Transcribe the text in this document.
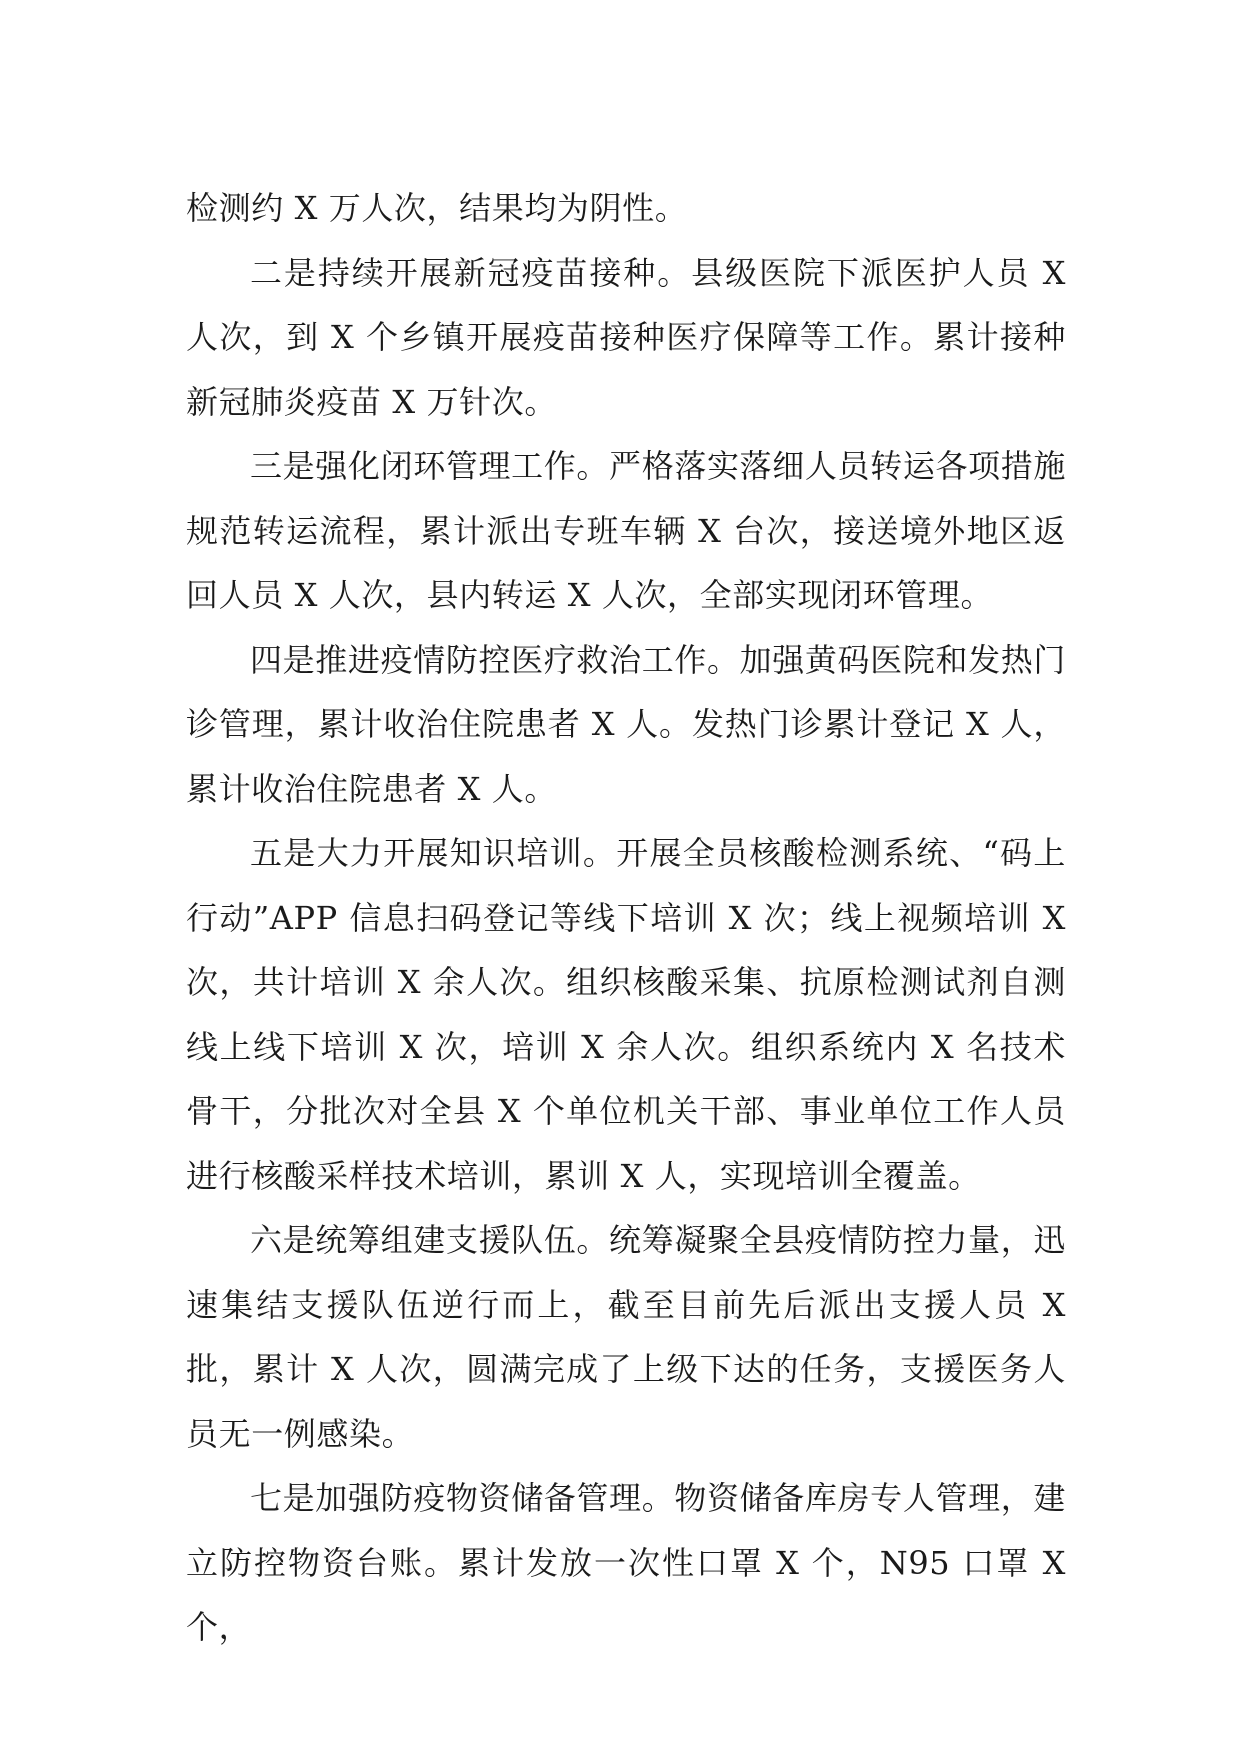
检测约 X 万人次，结果均为阴性。

二是持续开展新冠疫苗接种。县级医院下派医护人员 X 人次，到 X 个乡镇开展疫苗接种医疗保障等工作。累计接种新冠肺炎疫苗 X 万针次。

三是强化闭环管理工作。严格落实落细人员转运各项措施规范转运流程，累计派出专班车辆 X 台次，接送境外地区返回人员 X 人次，县内转运 X 人次，全部实现闭环管理。

四是推进疫情防控医疗救治工作。加强黄码医院和发热门诊管理，累计收治住院患者 X 人。发热门诊累计登记 X 人，累计收治住院患者 X 人。

五是大力开展知识培训。开展全员核酸检测系统、“码上行动”APP 信息扫码登记等线下培训 X 次；线上视频培训 X 次，共计培训 X 余人次。组织核酸采集、抗原检测试剂自测线上线下培训 X 次，培训 X 余人次。组织系统内 X 名技术骨干，分批次对全县 X 个单位机关干部、事业单位工作人员进行核酸采样技术培训，累训 X 人，实现培训全覆盖。

六是统筹组建支援队伍。统筹凝聚全县疫情防控力量，迅速集结支援队伍逆行而上，截至目前先后派出支援人员 X 批，累计 X 人次，圆满完成了上级下达的任务，支援医务人员无一例感染。

七是加强防疫物资储备管理。物资储备库房专人管理，建立防控物资台账。累计发放一次性口罩 X 个，N95 口罩 X 个，
